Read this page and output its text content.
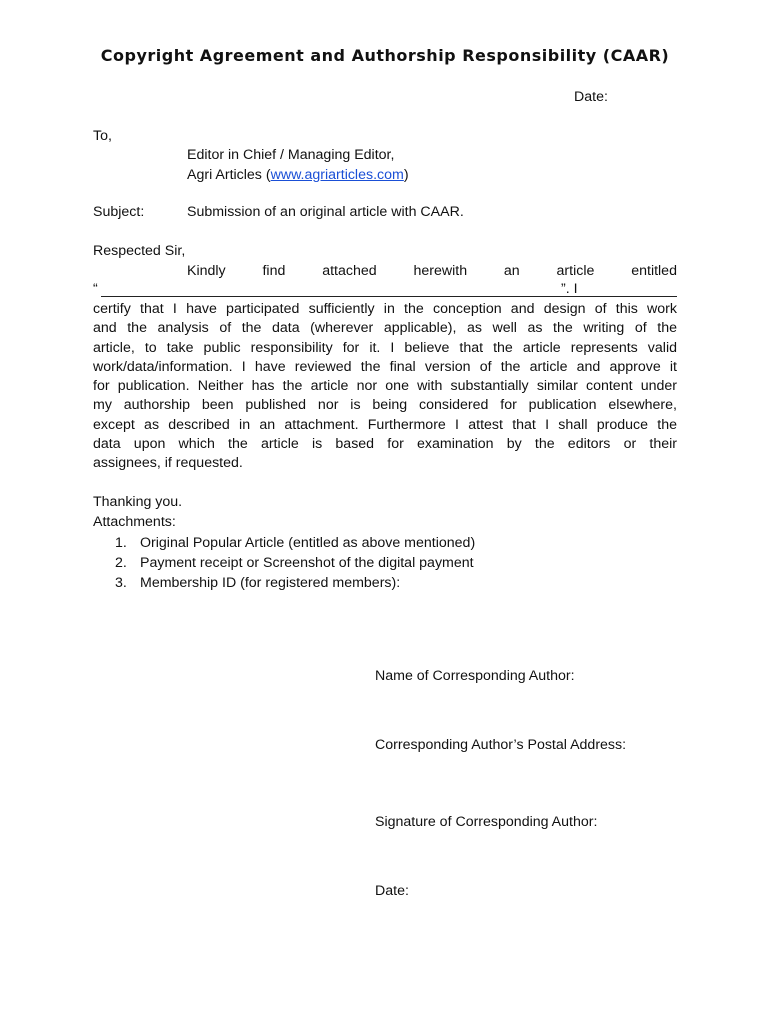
Copyright Agreement and Authorship Responsibility (CAAR)
Date:
To,
Editor in Chief / Managing Editor,
Agri Articles (www.agriarticles.com)
Subject:	Submission of an original article with CAAR.
Respected Sir,
Kindly	find	attached	herewith	an	article	entitled
“	”. I
certify that I have participated sufficiently in the conception and design of this work
and the analysis of the data (wherever applicable), as well as the writing of the
article, to take public responsibility for it. I believe that the article represents valid
work/data/information. I have reviewed the final version of the article and approve it
for publication. Neither has the article nor one with substantially similar content under
my authorship been published nor is being considered for publication elsewhere,
except as described in an attachment. Furthermore I attest that I shall produce the
data upon which the article is based for examination by the editors or their
assignees, if requested.
Thanking you.
Attachments:
1. Original Popular Article (entitled as above mentioned)
2. Payment receipt or Screenshot of the digital payment
3. Membership ID (for registered members):
Name of Corresponding Author:
Corresponding Author’s Postal Address:
Signature of Corresponding Author:
Date:
